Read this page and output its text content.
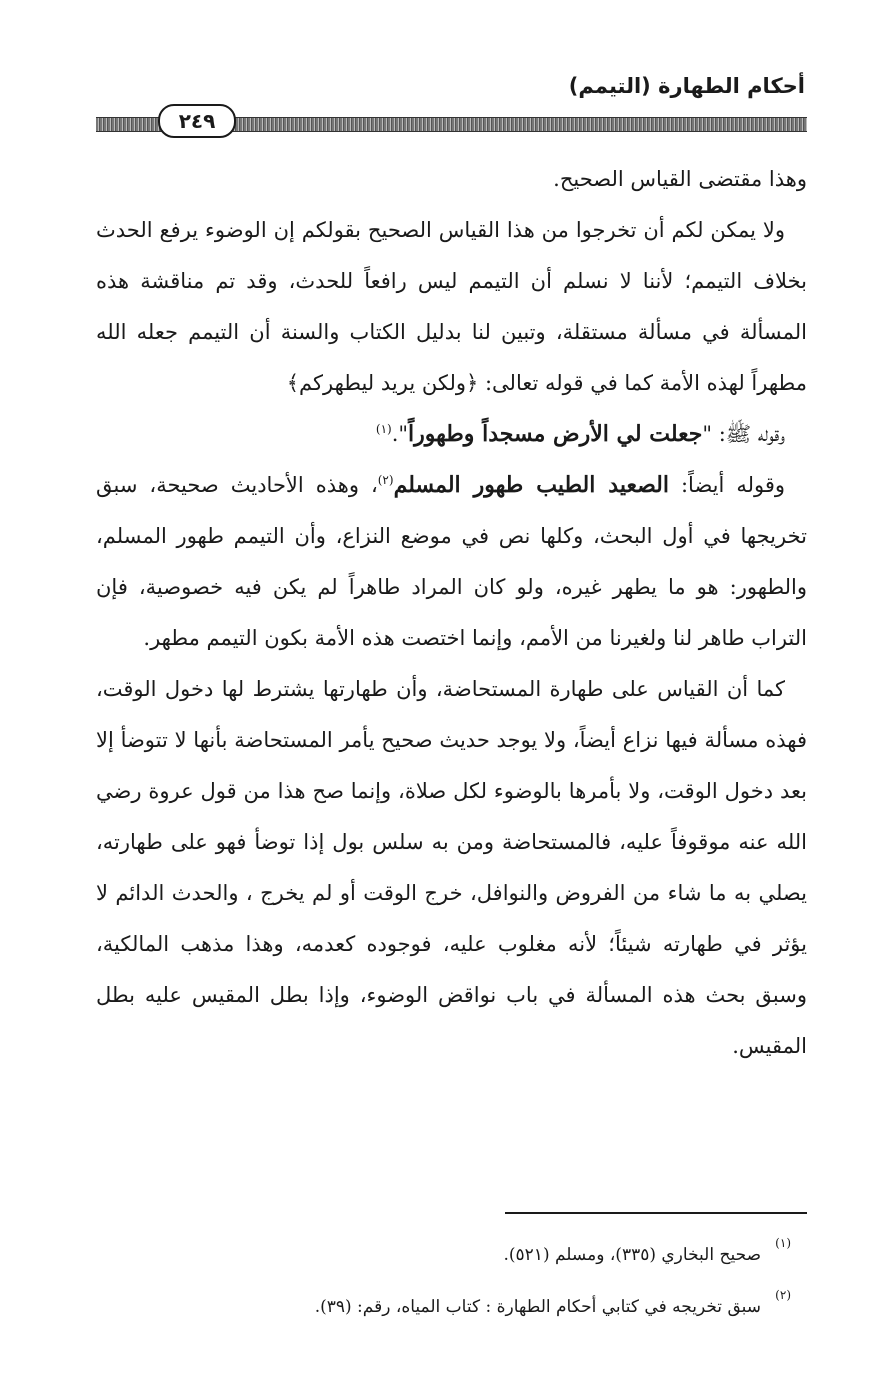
أحكام الطهارة (التيمم)
٢٤٩

وهذا مقتضى القياس الصحيح.

ولا يمكن لكم أن تخرجوا من هذا القياس الصحيح بقولكم إن الوضوء يرفع الحدث بخلاف التيمم؛ لأننا لا نسلم أن التيمم ليس رافعاً للحدث، وقد تم مناقشة هذه المسألة في مسألة مستقلة، وتبين لنا بدليل الكتاب والسنة أن التيمم جعله الله مطهراً لهذه الأمة كما في قوله تعالى: ﴿ولكن يريد ليطهركم﴾

وقوله ﷺ: "جعلت لي الأرض مسجداً وطهوراً".$^{(١)}$

وقوله أيضاً: الصعيد الطيب طهور المسلم$^{(٢)}$، وهذه الأحاديث صحيحة، سبق تخريجها في أول البحث، وكلها نص في موضع النزاع، وأن التيمم طهور المسلم، والطهور: هو ما يطهر غيره، ولو كان المراد طاهراً لم يكن فيه خصوصية، فإن التراب طاهر لنا ولغيرنا من الأمم، وإنما اختصت هذه الأمة بكون التيمم مطهر.

كما أن القياس على طهارة المستحاضة، وأن طهارتها يشترط لها دخول الوقت، فهذه مسألة فيها نزاع أيضاً، ولا يوجد حديث صحيح يأمر المستحاضة بأنها لا تتوضأ إلا بعد دخول الوقت، ولا بأمرها بالوضوء لكل صلاة، وإنما صح هذا من قول عروة رضي الله عنه موقوفاً عليه، فالمستحاضة ومن به سلس بول إذا توضأ فهو على طهارته، يصلي به ما شاء من الفروض والنوافل، خرج الوقت أو لم يخرج ، والحدث الدائم لا يؤثر في طهارته شيئاً؛ لأنه مغلوب عليه، فوجوده كعدمه، وهذا مذهب المالكية، وسبق بحث هذه المسألة في باب نواقض الوضوء، وإذا بطل المقيس عليه بطل المقيس.

(١)
صحيح البخاري (٣٣٥)، ومسلم (٥٢١).
(٢)
سبق تخريجه في كتابي أحكام الطهارة : كتاب المياه، رقم: (٣٩).
